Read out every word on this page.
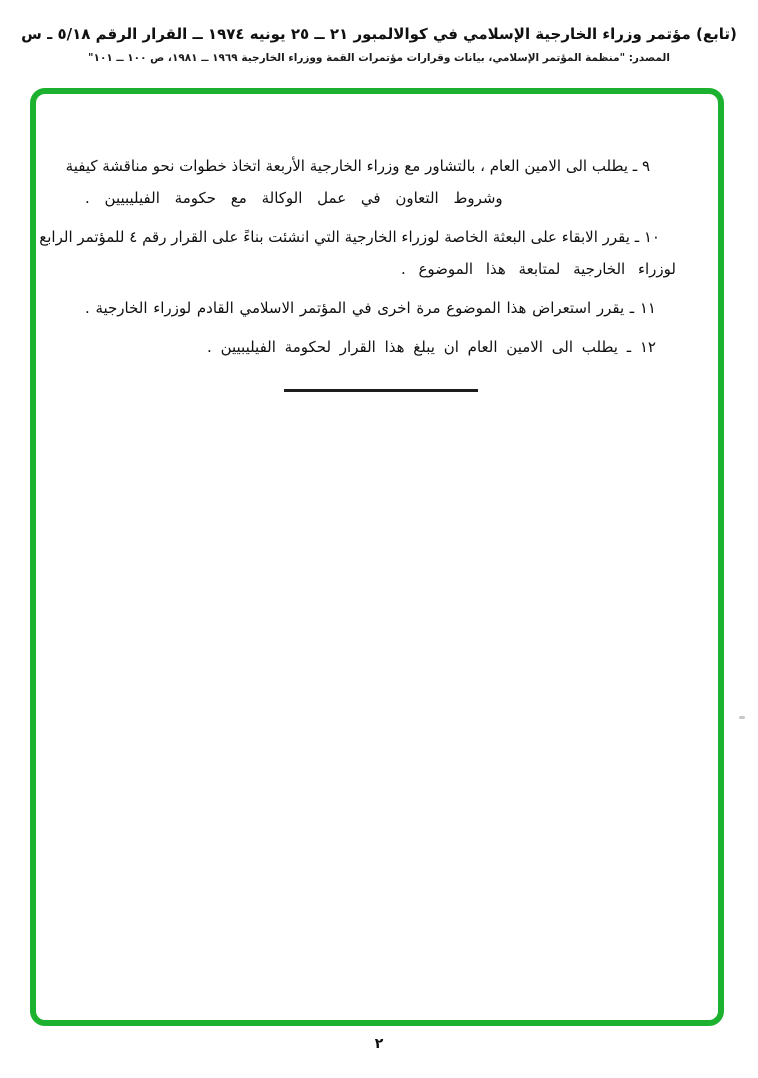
(تابع) مؤتمر وزراء الخارجية الإسلامي في كوالالمبور ٢١ ــ ٢٥ يونيه ١٩٧٤ ــ القرار الرقم ٥/١٨ ـ س
المصدر: "منظمة المؤتمر الإسلامي، بيانات وقرارات مؤتمرات القمة ووزراء الخارجية ١٩٦٩ ــ ١٩٨١، ص ١٠٠ ــ ١٠١"
٩ ـ يطلب الى الامين العام ، بالتشاور مع وزراء الخارجية الأربعة اتخاذ خطوات نحو مناقشة كيفية
وشروط التعاون في عمل الوكالة مع حكومة الفيليبيين .
١٠ ـ يقرر الابقاء على البعثة الخاصة لوزراء الخارجية التي انشئت بناءً على القرار رقم ٤ للمؤتمر الرابع
لوزراء الخارجية لمتابعة هذا الموضوع .
١١ ـ يقرر استعراض هذا الموضوع مرة اخرى في المؤتمر الاسلامي القادم لوزراء الخارجية .
١٢ ـ يطلب الى الامين العام ان يبلغ هذا القرار لحكومة الفيليبيين .
٢
